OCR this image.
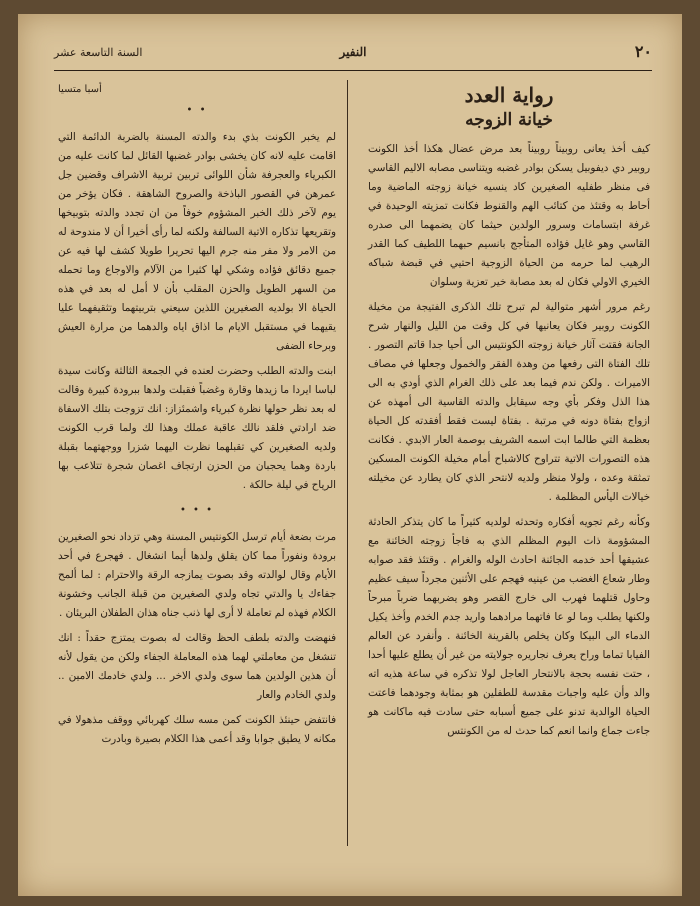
٢٠
النفير
السنة التاسعة عشر
رواية العدد
خيانة الزوجه

كيف أخذ يعانى روبيناً روبيناً بعد مرض عضال هكذا أخذ الكونت روبير دي ديفوبيل يسكن بوادر غضبه ويتناسى مصابه الاليم القاسي فى منظر طفليه الصغيرين كاد ينسيه خيانة زوجته الماضية وما أحاط به وقتئذ من كتائب الهم والقنوط فكانت تمزيته الوحيدة في غرفة ابتسامات وسرور الولدين حيثما كان يضمهما الى صدره القاسي وهو غايل فؤاده المتأجج بانسيم حبهما اللطيف كما القدر الرهيب لما حرمه من الحياة الزوجية احتيي في قبضة شباكه الخيري الاولي فكان له بعد مصابة خير تعزية وسلوان

رغم مرور أشهر متوالية لم تبرح تلك الذكرى الفتيجة من مخيلة الكونت روبير فكان يعانيها في كل وقت من الليل والنهار شرح الجانة فقتت آثار خيانة زوجته الكونتيس الى أحيا جدا قاتم التصور . تلك الفتاة التى رفعها من وهدة الفقر والخمول وجعلها في مصاف الاميرات . ولكن ندم فيما بعد على ذلك الغرام الذي أودي به الى هذا الذل وفكر بأي وجه سيقابل والدته القاسية الى أمهذه عن ازواج بفتاة دونه في مرتبة . بفتاة ليست فقط أفقدته كل الحياة بعظمة التي طالما ابت اسمه الشريف بوصمة العار الابدي . فكانت هذه التصورات الاتية تتراوح كالاشباح أمام مخيلة الكونت المسكين تمثقة وعده ، ولولا منظر ولديه لانتحر الذي كان يطارد عن مخيلته خيالات اليأس المظلمة .

وكأنه رغم تجويه أفكاره وتحدثه لولديه كثيراً ما كان يتذكر الحادثة المشؤومة ذات اليوم المظلم الذي به فاجأ زوجته الخائنة مع عشيقها أحد خدمه الجائنة احادث الوله والغرام . وقتئذ فقد صوابه وطار شعاع الغضب من عينيه فهجم على الأثنين مجرداً سيف عظيم وحاول قتلهما فهرب الى خارج القصر وهو يضربهما ضرباً مبرحاً ولكنها يطلب وما لو عا فاتهما مرادهما واريد جدم الخدم وأخذ يكيل الدماء الى البيكا وكان يخلص بالقرينة الخائنة . وأنفرد عن العالم الفيابا تماما وراح يعرف نجاريره جولايته من غير أن يطلع عليها أحدا ، حتت نفسه بحجة بالانتحار العاجل لولا تذكره في ساعة هذيه اته والد وأن عليه واجبات مقدسة للطفلين هو بمثابة وجودهما فاعتت الحياة الوالدية تدنو على جميع أسبابه حتى سادت فيه ماكانت هو جاءت جماع وانما انعم كما حدث له من الكونتس

أسبا متسيا
• •

لم يخبر الكونت بذي بدء والدته المسنة بالضربة الدائمة التي اقامت عليه لانه كان يخشى بوادر غضبها القائل لما كانت عليه من الكبرياء والعجرفة شأن اللوائى تربين تربية الاشراف وقضين جل عمرهن في القصور الباذخة والصروح الشاهقة . فكان يؤخر من يوم لآخر ذلك الخبر المشؤوم خوفاً من ان تجدد والدته بتوبيخها وتقريعها تذكاره الاتية السالفة ولكنه لما رأى أخيرا أن لا مندوحة له من الامر ولا مفر منه جرم اليها تحريرا طويلا كشف لها فيه عن جميع دقائق فؤاده وشكي لها كثيرا من الآلام والاوجاع وما تحمله من السهر الطويل والحزن المقلب بأن لا أمل له بعد في هذه الحياة الا بولديه الصغيرين اللذين سيعني بتربيتهما وتثقيفهما عليا يقيهما في مستقبل الايام ما اذاق اياه والدهما من مرارة العيش وبرحاء الضفى

ابنت والدته الطلب وحضرت لعنده في الجمعة الثالثة وكانت سيدة لباسا ايردا ما زيدها وقارة وغضباً فقبلت ولدها ببرودة كبيرة وقالت له بعد نظر حولها نظرة كبرياء واشمئزاز: انك تزوجت بتلك الاسفاة ضد ارادتي فلقد نالك عاقبة عملك وهذا لك ولما قرب الكونت ولديه الصغيرين كي تقبلهما نظرت اليهما شزرا ووجهتهما بقبلة باردة وهما يحجبان من الحزن ارتجاف اغصان شجرة تتلاعب بها الرياح في ليلة حالكة .

• • •

مرت بضعة أيام ترسل الكونتيس المسنة وهي تزداد نحو الصغيرين برودة ونفوراً مما كان يقلق ولدها أيما انشغال . فهجرع في أحد الأيام وقال لوالدته وقد بصوت يمازجه الرقة والاحترام : لما ألمح جفاءك يا والدتي تجاه ولدي الصغيرين من قبلة الجانب وخشونة الكلام فهذه لم تعاملة لا أرى لها ذنب جناه هذان الطفلان البريئان .

فنهضت والدته بلطف الحظ وقالت له بصوت يمتزج حقداً : انك تنشغل من معاملتي لهما هذه المعاملة الجفاء ولكن من يقول لأنه أن هذين الولدين هما سوى ولدي الاخر ... ولدي خادمك الامين .. ولدي الخادم والعار

فانتفض حينئذ الكونت كمن مسه سلك كهربائي ووقف مذهولا في مكانه لا يطيق جوابا وقد أعمى هذا الكلام بصيرة وبادرت
